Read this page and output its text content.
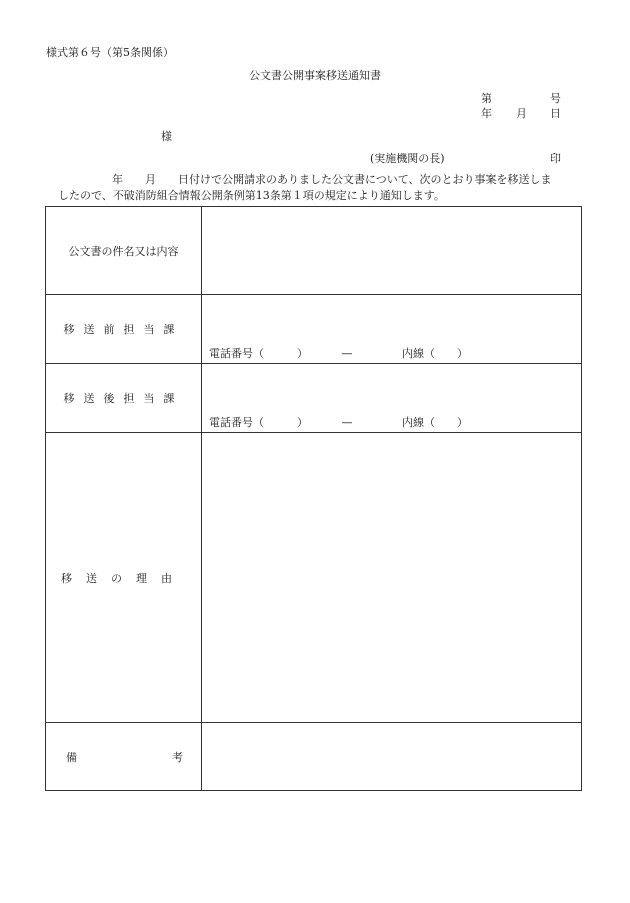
様式第６号（第5条関係）
公文書公開事案移送通知書
第	号
年 月 日
様
(実施機関の長)	印
年　　月　　日付けで公開請求のありました公文書について、次のとおり事案を移送しま
したので、不破消防組合情報公開条例第13条第１項の規定により通知します。
公文書の件名又は内容	
移送前担当課	電話番号（　　　） — 内線（　　）

移送後担当課	電話番号（　　　） — 内線（　　）

移送の理由	

備 考	
